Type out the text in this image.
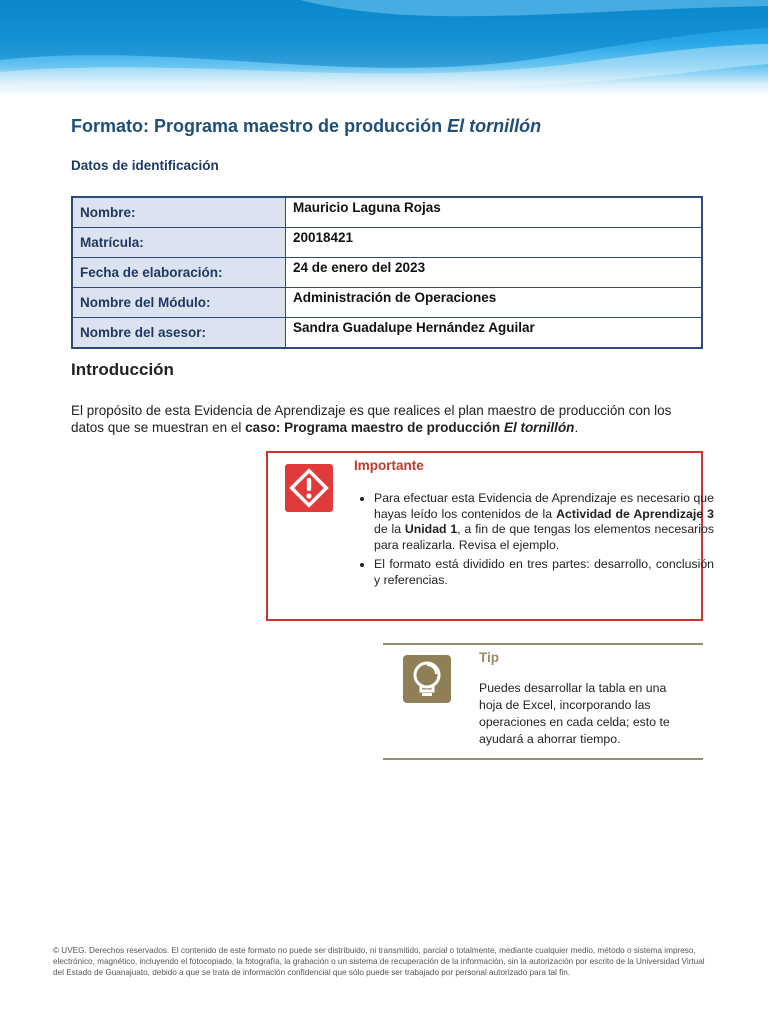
Formato: Programa maestro de producción El tornillón
Datos de identificación
Nombre:	Mauricio Laguna Rojas
Matrícula:	20018421
Fecha de elaboración:	24 de enero del 2023
Nombre del Módulo:	Administración de Operaciones
Nombre del asesor:	Sandra Guadalupe Hernández Aguilar
Introducción
El propósito de esta Evidencia de Aprendizaje es que realices el plan maestro de producción con los datos que se muestran en el caso: Programa maestro de producción El tornillón.
Importante
• Para efectuar esta Evidencia de Aprendizaje es necesario que hayas leído los contenidos de la Actividad de Aprendizaje 3 de la Unidad 1, a fin de que tengas los elementos necesarios para realizarla. Revisa el ejemplo.
• El formato está dividido en tres partes: desarrollo, conclusión y referencias.
Tip
Puedes desarrollar la tabla en una hoja de Excel, incorporando las operaciones en cada celda; esto te ayudará a ahorrar tiempo.
© UVEG. Derechos reservados. El contenido de este formato no puede ser distribuido, ni transmitido, parcial o totalmente, mediante cualquier medio, método o sistema impreso, electrónico, magnético, incluyendo el fotocopiado, la fotografía, la grabación o un sistema de recuperación de la información, sin la autorización por escrito de la Universidad Virtual del Estado de Guanajuato, debido a que se trata de información confidencial que sólo puede ser trabajado por personal autorizado para tal fin.
